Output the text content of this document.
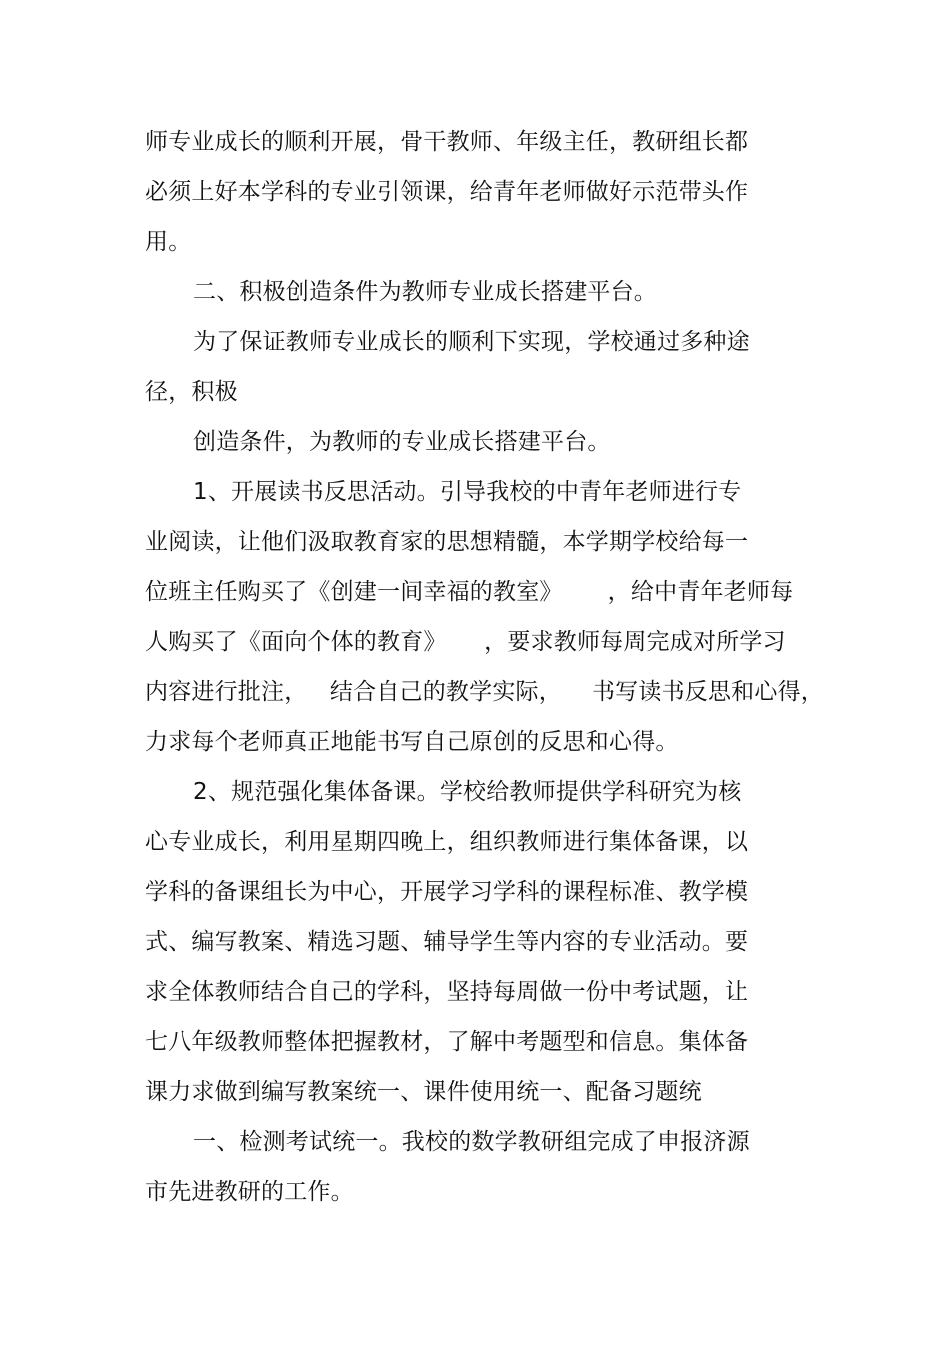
师专业成长的顺利开展，骨干教师、年级主任，教研组长都
必须上好本学科的专业引领课，给青年老师做好示范带头作
用。
二、积极创造条件为教师专业成长搭建平台。
为了保证教师专业成长的顺利下实现，学校通过多种途
径，积极
创造条件，为教师的专业成长搭建平台。
1、开展读书反思活动。引导我校的中青年老师进行专
业阅读，让他们汲取教育家的思想精髓，本学期学校给每一
位班主任购买了《创建一间幸福的教室》      ，给中青年老师每
人购买了《面向个体的教育》     ，要求教师每周完成对所学习
内容进行批注，   结合自己的教学实际，    书写读书反思和心得，
力求每个老师真正地能书写自己原创的反思和心得。
2、规范强化集体备课。学校给教师提供学科研究为核
心专业成长，利用星期四晚上，组织教师进行集体备课，以
学科的备课组长为中心，开展学习学科的课程标准、教学模
式、编写教案、精选习题、辅导学生等内容的专业活动。要
求全体教师结合自己的学科，坚持每周做一份中考试题，让
七八年级教师整体把握教材，了解中考题型和信息。集体备
课力求做到编写教案统一、课件使用统一、配备习题统
一、检测考试统一。我校的数学教研组完成了申报济源
市先进教研的工作。
